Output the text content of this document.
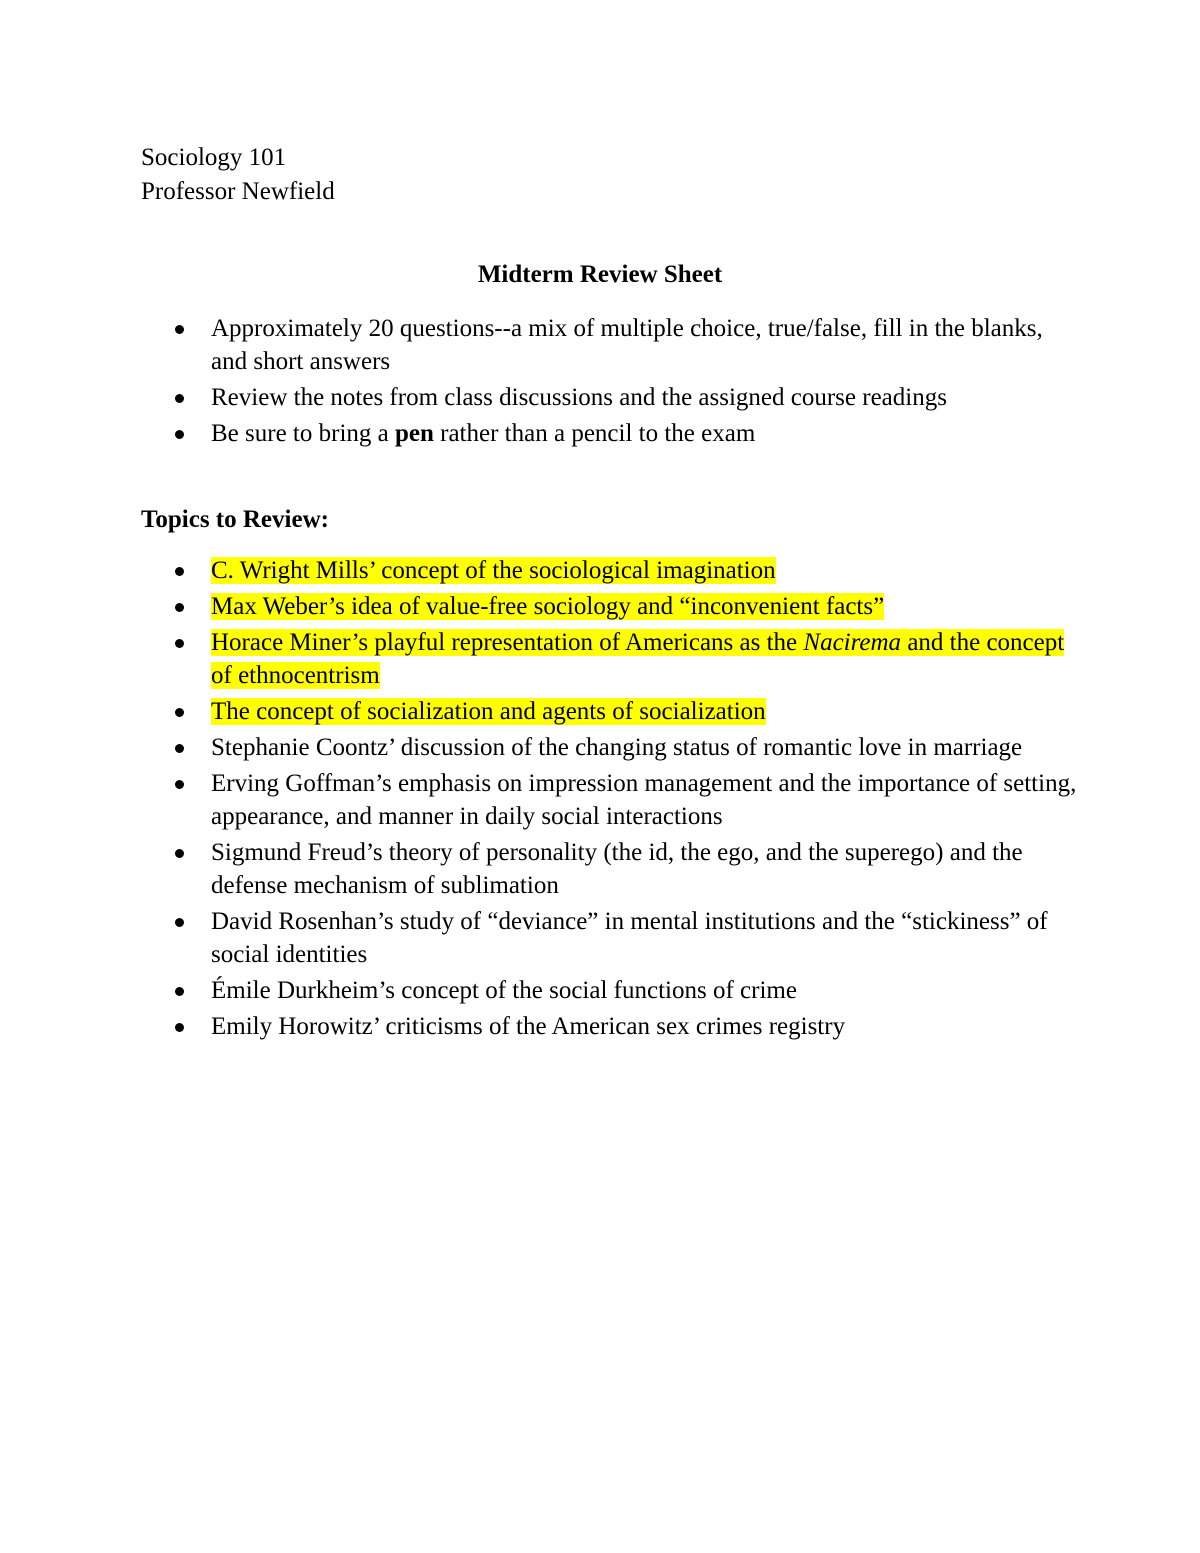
Sociology 101
Professor Newfield
Midterm Review Sheet
Approximately 20 questions--a mix of multiple choice, true/false, fill in the blanks, and short answers
Review the notes from class discussions and the assigned course readings
Be sure to bring a pen rather than a pencil to the exam
Topics to Review:
C. Wright Mills’ concept of the sociological imagination
Max Weber’s idea of value-free sociology and “inconvenient facts”
Horace Miner’s playful representation of Americans as the Nacirema and the concept of ethnocentrism
The concept of socialization and agents of socialization
Stephanie Coontz’ discussion of the changing status of romantic love in marriage
Erving Goffman’s emphasis on impression management and the importance of setting, appearance, and manner in daily social interactions
Sigmund Freud’s theory of personality (the id, the ego, and the superego) and the defense mechanism of sublimation
David Rosenhan’s study of “deviance” in mental institutions and the “stickiness” of social identities
Émile Durkheim’s concept of the social functions of crime
Emily Horowitz’ criticisms of the American sex crimes registry
